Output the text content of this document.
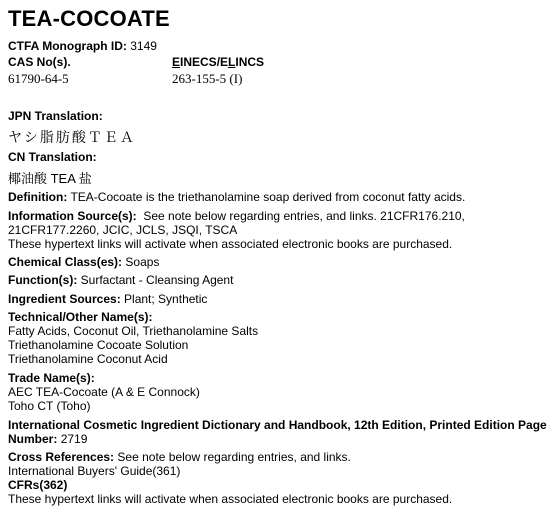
TEA-COCOATE
CTFA Monograph ID: 3149
CAS No(s).
61790-64-5
EINECS/ELINCS
263-155-5 (I)
JPN Translation:
ヤシ脂肪酸ＴＥＡ
CN Translation:
椰油酸 TEA 盐
Definition: TEA-Cocoate is the triethanolamine soap derived from coconut fatty acids.
Information Source(s): See note below regarding entries, and links. 21CFR176.210,
21CFR177.2260, JCIC, JCLS, JSQI, TSCA
These hypertext links will activate when associated electronic books are purchased.
Chemical Class(es): Soaps
Function(s): Surfactant - Cleansing Agent
Ingredient Sources: Plant; Synthetic
Technical/Other Name(s):
Fatty Acids, Coconut Oil, Triethanolamine Salts
Triethanolamine Cocoate Solution
Triethanolamine Coconut Acid
Trade Name(s):
AEC TEA-Cocoate (A & E Connock)
Toho CT (Toho)
International Cosmetic Ingredient Dictionary and Handbook, 12th Edition, Printed Edition Page
Number: 2719
Cross References: See note below regarding entries, and links.
International Buyers' Guide(361)
CFRs(362)
These hypertext links will activate when associated electronic books are purchased.
